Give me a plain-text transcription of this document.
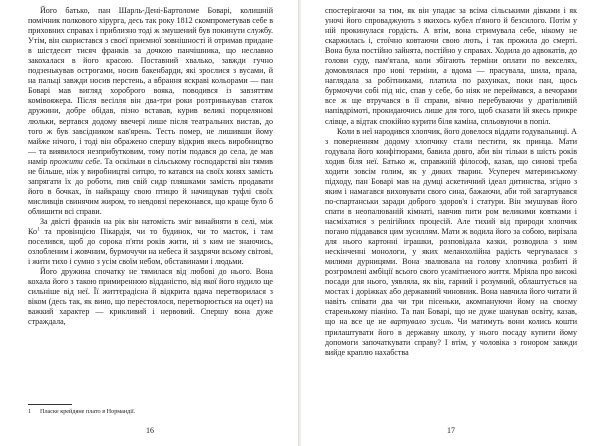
Його батько, пан Шарль-Дені-Бартоломе Боварі, колишній помічник полкового хірурга, десь так року 1812 скомпрометував себе в приховних справах і приблизно тоді ж змушений був покинути службу. Утім, він скористався з своєї приємної зовнішності й отримав придане в шістдесят тисяч франків за дочкою панчішника, що неславно закохалася в його красою. Поставний хвалько, завжди гучно подзенькував острогами, носив бакенбарди, які зрослися з вусами, й на пальці завжди носив перстень, а вбрання яскраві кольорами — пан Боварі мав вигляд хороброго вояка, поводився із завзяттям комівояжера. Після весілля він два-три роки розтринькував статок дружини, добре обідав, пізно вставав, курив великі порцелянові люльки, вертався додому ввечері лише після театральних вистав, до того ж був завсідником кав'ярень. Тесть помер, не лишивши йому майже нічого, і тоді він ображено спершу відкрив якесь виробництво — та виявилося незприбутковим, тому потім подався до села, де мав намір прожити себе. Та оскільки в сільському господарстві він тямив не більше, ніж у виробництві ситцю, то катався на своїх конях замість запрягати їх до роботи, пив свій сидр пляшками замість продавати його в бочках, їв найкращу свою птицю й начищував туфлі своїх мисливців свинячим жиром, то невдовзі переконався, що краще було б облишити всі справи.

За двісті франків на рік він натомість зміг винайняти в селі, між $Ко^1$ та провінцією Пікардія, чи то будинок, чи то маєток, і там поселився, щоб до сорока п'яти років жити, ні з ким не знаючись, озлобленим і жовчним, бурмочучи на небеса й заздрячи всьому світові, і жити тихо і сумно з усім своїм небом, обставинами і людьми.

Його дружина спочатку не тямилася від любові до нього. Вона кохала його з такою примиренною відданістю, від якої його нудило ще сильніше від неї. Її життєрадісна й відкрита вдача перетворилася з віком (десь так, як вино, що перестоялося, перетворюється на оцет) на важкий характер — крикливий і нервовий. Спершу вона дуже страждала,

1 Пласке крейдяне плато в Нормандії.
16

спостерігаючи за тим, як він упадає за всіма сільськими дівками і як уночі його спроваджують з якихось кубел п'яного й безсилого. Потім у ній прокинулася гордість. А втім, вона стримувала себе, нікому не скаржилась і, стоїчно ковтаючи свою лють, і так прожила до смерті. Вона була постійно зайнята, постійно у справах. Ходила до адвокатів, до голови суду, пам'ятала, коли збігають терміни оплати по векселях, домовлялася про нові терміни, а вдома — прасувала, шила, прала, наглядала за робітниками, платила по рахунках, поки пан, щось бурмочучи собі під ніс, спав у себе, бо ніяк не переймався, а вечорами все ж ще втручався в її справи, вічно перебуваючи у дратівливій напівдрімоті, прокидаючись лише для того, щоб сказати їй якесь прикре слівце, а відтак спокійно курити біля каміна, спльовуючи в попіл.

Коли в неї народився хлопчик, його довелося віддати годувальниці. А з поверненням додому хлопчику стали пестити, як принца. Мати годувала його конфітюрами, бавила довго, аби він тільки в шість років ходив біля неї. Батько ж, справжній філософ, казав, що синові треба ходити зовсім голим, як у диких тварин. Усупереч материнському підходу, пан Боварі мав на думці аскетичний ідеал дитинства, згідно з яким і намагався виховувати свого сина, бажаючи, аби той загартувався по-спартанськи заради доброго здоров'я і статури. Він змушував його спати в неопалюваній кімнаті, навчив пити ром великими ковтками і насміхатися з релігійних процесій. Але тихий від природи хлопчик погано піддавався цим зусиллям. Мати ж водила його за собою, вирізала для нього картонні іграшки, розповідала казки, розводила з ним нескінченні монологи, у яких меланхолійна радість чергувалася з милими дурницями. Вона звалювала на голову хлопчика розбиті й розгромлені амбіції всього свого усамітненого життя. Мріяла про високі посади для нього, уявляла, як він, гарний і розумний, облаштується на мостах і доріжках або державний чиновник. Вона навчила його читати й навіть співати два чи три пісеньки, акомпануючи йому на своєму старенькому піаніно. Та пан Боварі, що не дуже шанував освіту, казав, що на все це не вартувало зусиль. Чи матимуть вони колись кошти прилаштувати його в державну школу, у нього посаду купити йому допомоги започаткувати справу? І втім, у чоловіка з гонором завжди вийде краплю нахабства

17
